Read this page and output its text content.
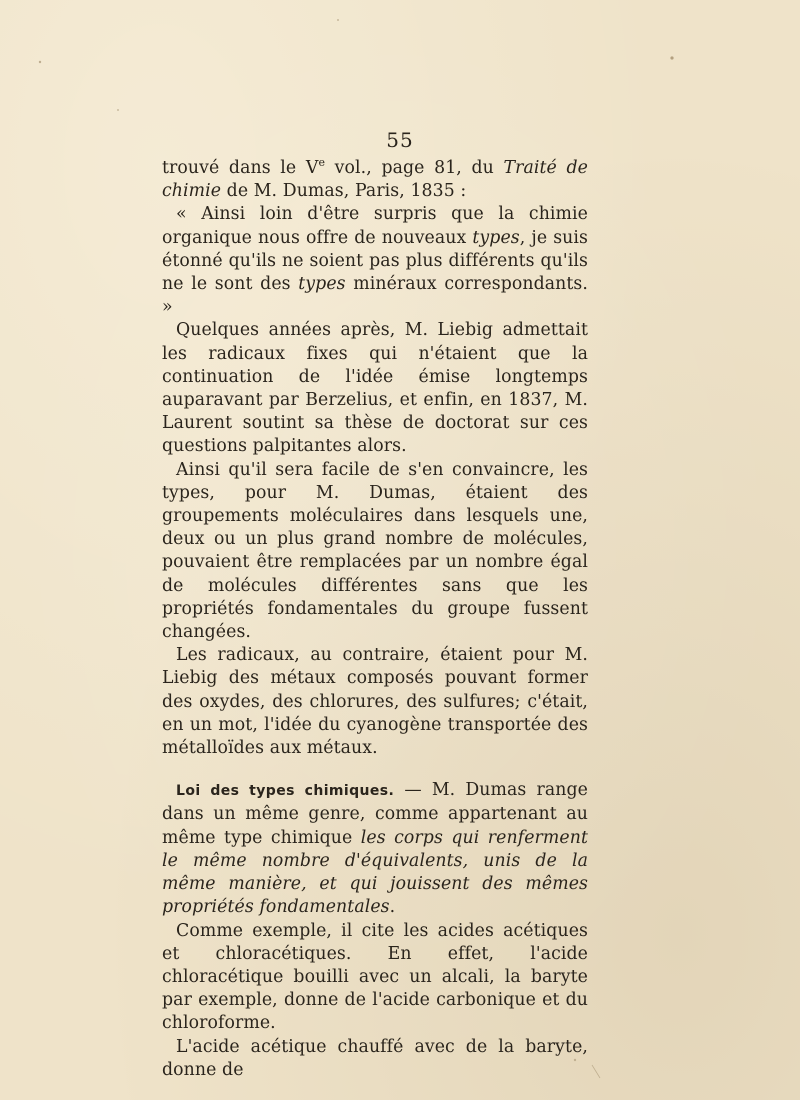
55

trouvé dans le Ve vol., page 81, du Traité de chimie de M. Dumas, Paris, 1835 :

« Ainsi loin d'être surpris que la chimie organique nous offre de nouveaux types, je suis étonné qu'ils ne soient pas plus différents qu'ils ne le sont des types minéraux correspondants. »

Quelques années après, M. Liebig admettait les radicaux fixes qui n'étaient que la continuation de l'idée émise longtemps auparavant par Berzelius, et enfin, en 1837, M. Laurent soutint sa thèse de doctorat sur ces questions palpitantes alors.

Ainsi qu'il sera facile de s'en convaincre, les types, pour M. Dumas, étaient des groupements moléculaires dans lesquels une, deux ou un plus grand nombre de molécules, pouvaient être remplacées par un nombre égal de molécules différentes sans que les propriétés fondamentales du groupe fussent changées.

Les radicaux, au contraire, étaient pour M. Liebig des métaux composés pouvant former des oxydes, des chlorures, des sulfures; c'était, en un mot, l'idée du cyanogène transportée des métalloïdes aux métaux.

Loi des types chimiques. — M. Dumas range dans un même genre, comme appartenant au même type chimique les corps qui renferment le même nombre d'équivalents, unis de la même manière, et qui jouissent des mêmes propriétés fondamentales.

Comme exemple, il cite les acides acétiques et chloracétiques. En effet, l'acide chloracétique bouilli avec un alcali, la baryte par exemple, donne de l'acide carbonique et du chloroforme.

L'acide acétique chauffé avec de la baryte, donne de
